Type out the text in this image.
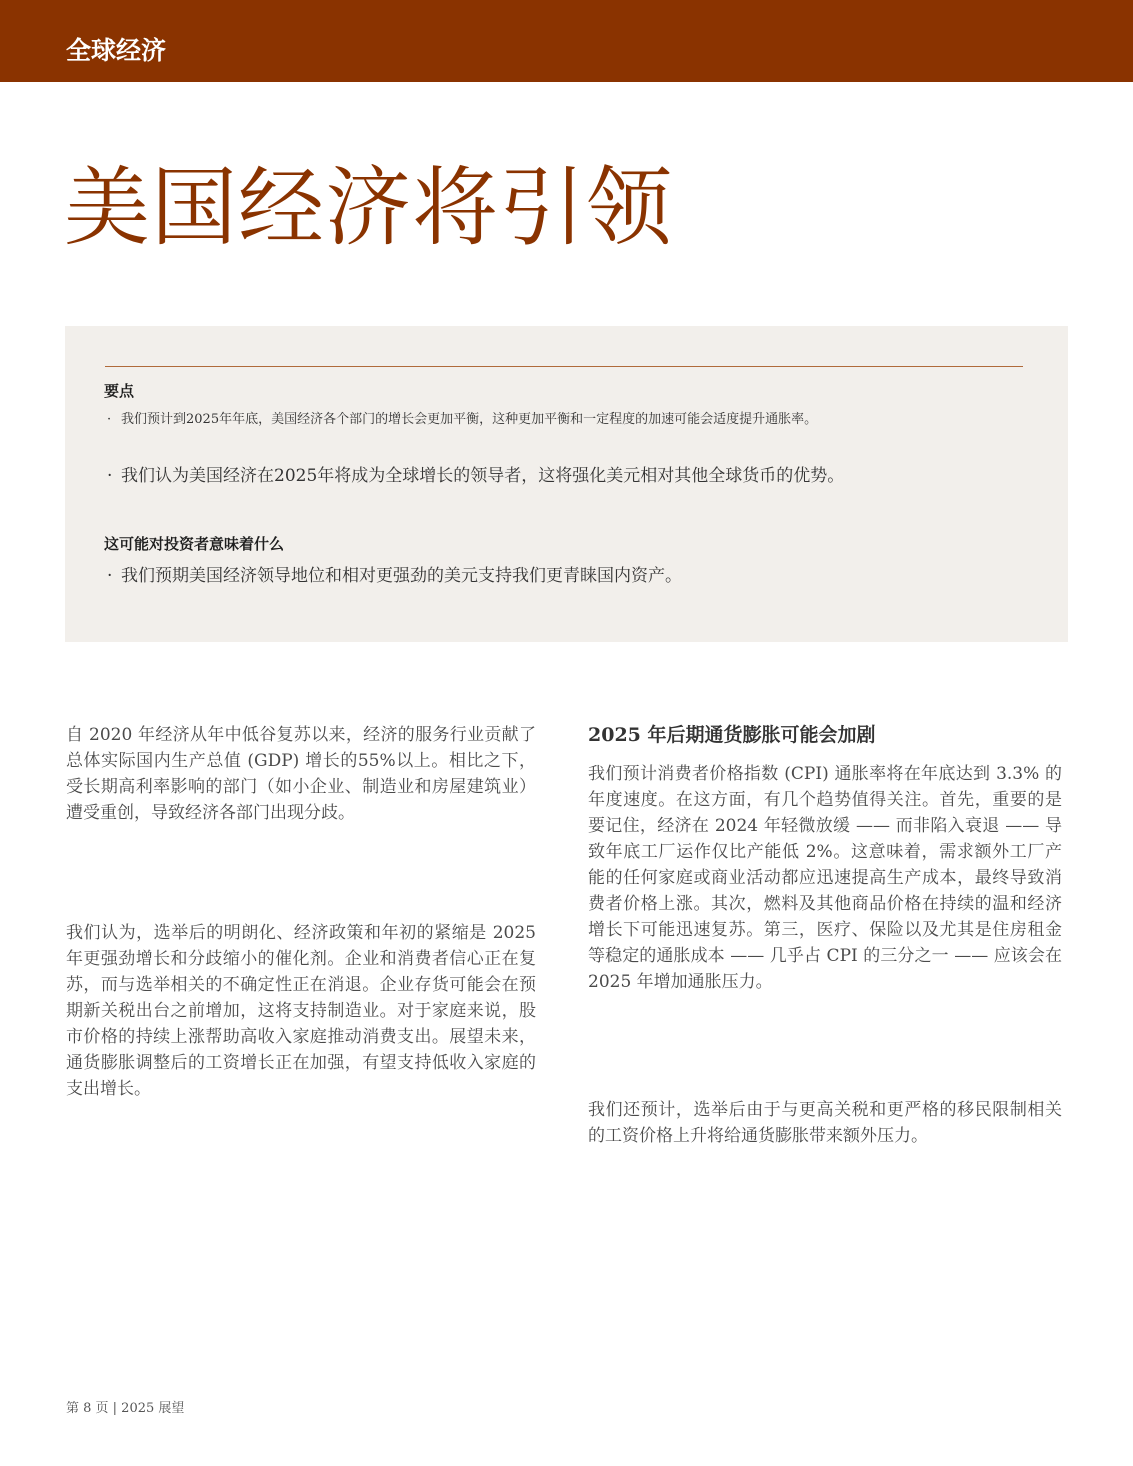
全球经济
美国经济将引领
要点
· 我们预计到2025年年底，美国经济各个部门的增长会更加平衡，这种更加平衡和一定程度的加速可能会适度提升通胀率。
· 我们认为美国经济在2025年将成为全球增长的领导者，这将强化美元相对其他全球货币的优势。
这可能对投资者意味着什么
· 我们预期美国经济领导地位和相对更强劲的美元支持我们更青睐国内资产。

自 2020 年经济从年中低谷复苏以来，经济的服务行业贡献了总体实际国内生产总值 (GDP) 增长的55%以上。相比之下，受长期高利率影响的部门（如小企业、制造业和房屋建筑业）遭受重创，导致经济各部门出现分歧。

我们认为，选举后的明朗化、经济政策和年初的紧缩是 2025 年更强劲增长和分歧缩小的催化剂。企业和消费者信心正在复苏，而与选举相关的不确定性正在消退。企业存货可能会在预期新关税出台之前增加，这将支持制造业。对于家庭来说，股市价格的持续上涨帮助高收入家庭推动消费支出。展望未来，通货膨胀调整后的工资增长正在加强，有望支持低收入家庭的支出增长。

2025 年后期通货膨胀可能会加剧

我们预计消费者价格指数 (CPI) 通胀率将在年底达到 3.3% 的年度速度。在这方面，有几个趋势值得关注。首先，重要的是要记住，经济在 2024 年轻微放缓 —— 而非陷入衰退 —— 导致年底工厂运作仅比产能低 2%。这意味着，需求额外工厂产能的任何家庭或商业活动都应迅速提高生产成本，最终导致消费者价格上涨。其次，燃料及其他商品价格在持续的温和经济增长下可能迅速复苏。第三，医疗、保险以及尤其是住房租金等稳定的通胀成本 —— 几乎占 CPI 的三分之一 —— 应该会在 2025 年增加通胀压力。

我们还预计，选举后由于与更高关税和更严格的移民限制相关的工资价格上升将给通货膨胀带来额外压力。

第 8 页 | 2025 展望
